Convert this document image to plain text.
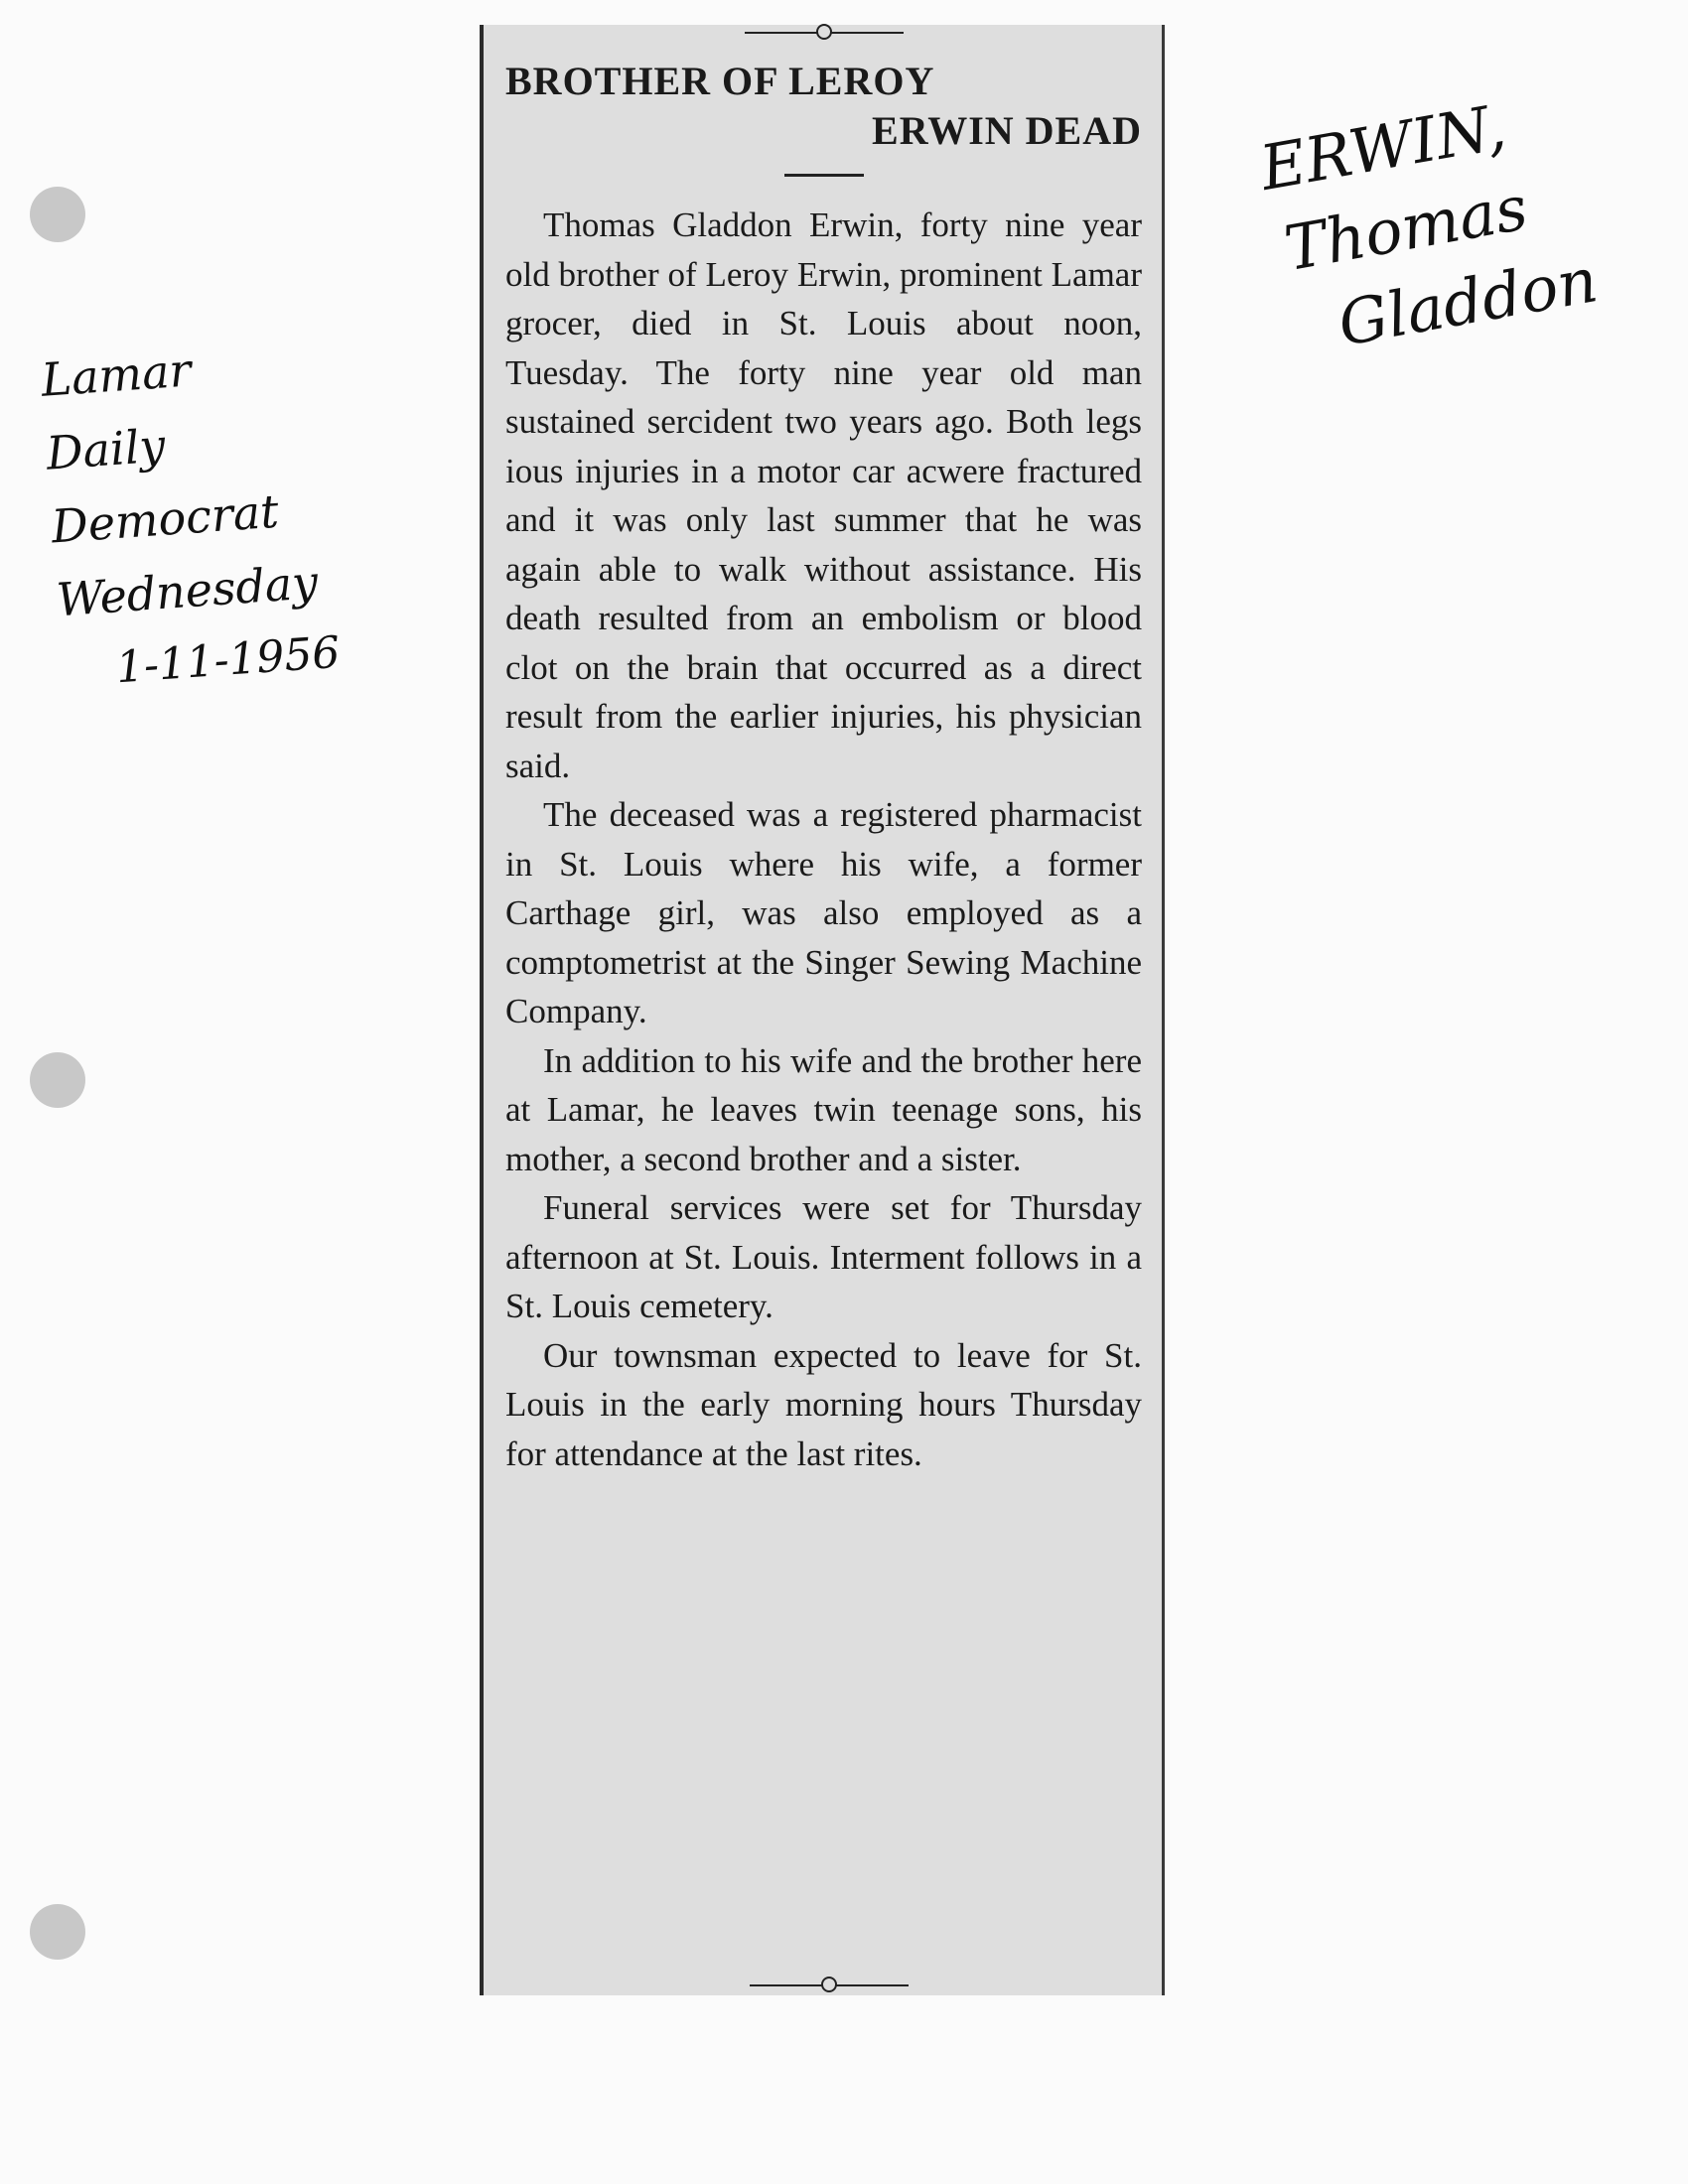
Lamar
Daily
Democrat
Wednesday
1-11-1956
ERWIN,
Thomas
Gladdon
BROTHER OF LEROY
ERWIN DEAD

Thomas Gladdon Erwin, forty nine year old brother of Leroy Erwin, prominent Lamar grocer, died in St. Louis about noon, Tuesday. The forty nine year old man sustained sercident two years ago. Both legs ious injuries in a motor car acwere fractured and it was only last summer that he was again able to walk without assistance. His death resulted from an embolism or blood clot on the brain that occurred as a direct result from the earlier injuries, his physician said.

The deceased was a registered pharmacist in St. Louis where his wife, a former Carthage girl, was also employed as a comptometrist at the Singer Sewing Machine Company.

In addition to his wife and the brother here at Lamar, he leaves twin teenage sons, his mother, a second brother and a sister.

Funeral services were set for Thursday afternoon at St. Louis. Interment follows in a St. Louis cemetery.

Our townsman expected to leave for St. Louis in the early morning hours Thursday for attendance at the last rites.
